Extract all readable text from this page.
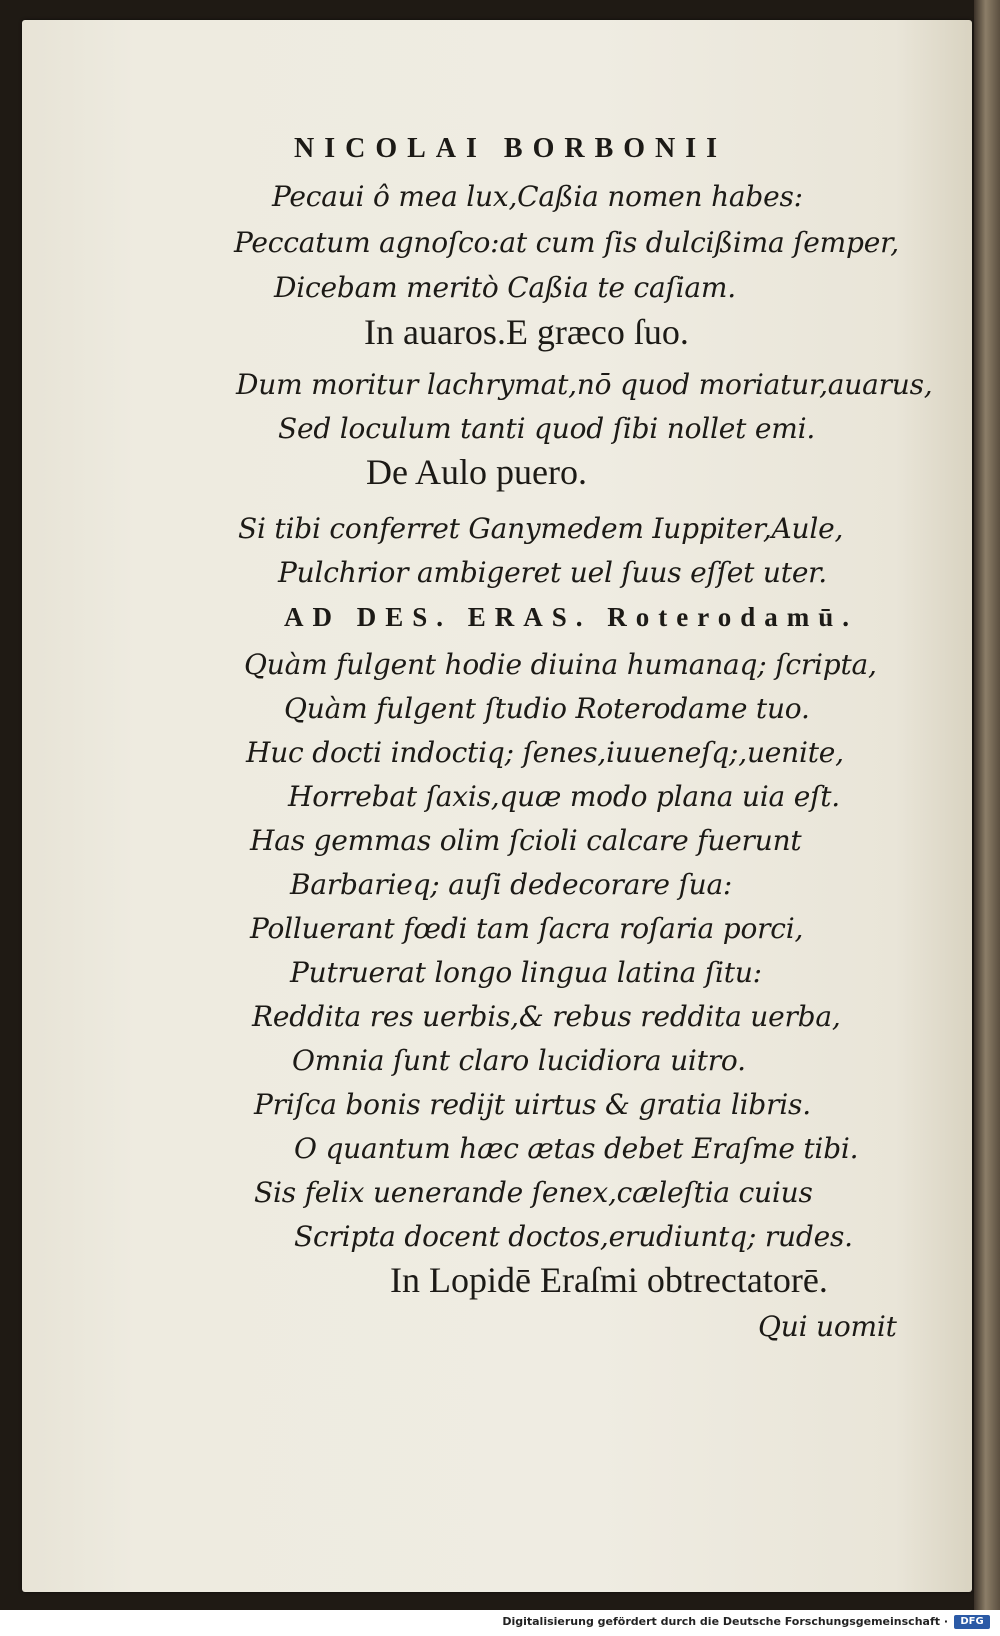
NICOLAI BORBONII
Pecaui ô mea lux,Caßia nomen habes:
Peccatum agnoſco:at cum ſis dulcißima ſemper,
Dicebam meritò Caßia te caſiam.
In auaros.E græco ſuo.
Dum moritur lachrymat,nō quod moriatur,auarus,
Sed loculum tanti quod ſibi nollet emi.
De Aulo puero.
Si tibi conferret Ganymedem Iuppiter,Aule,
Pulchrior ambigeret uel ſuus eſſet uter.
AD DES. ERAS. Roterodamū.
Quàm fulgent hodie diuina humanaq; ſcripta,
Quàm fulgent ſtudio Roterodame tuo.
Huc docti indoctiq; ſenes,iuueneſq;,uenite,
Horrebat ſaxis,quæ modo plana uia eſt.
Has gemmas olim ſcioli calcare fuerunt
Barbarieq; auſi dedecorare ſua:
Polluerant fœdi tam ſacra roſaria porci,
Putruerat longo lingua latina ſitu:
Reddita res uerbis,& rebus reddita uerba,
Omnia ſunt claro lucidiora uitro.
Priſca bonis redijt uirtus & gratia libris.
O quantum hæc ætas debet Eraſme tibi.
Sis felix uenerande ſenex,cæleſtia cuius
Scripta docent doctos,erudiuntq; rudes.
In Lopidē Eraſmi obtrectatorē.
Qui uomit
Digitalisierung gefördert durch die Deutsche Forschungsgemeinschaft ·	DFG
